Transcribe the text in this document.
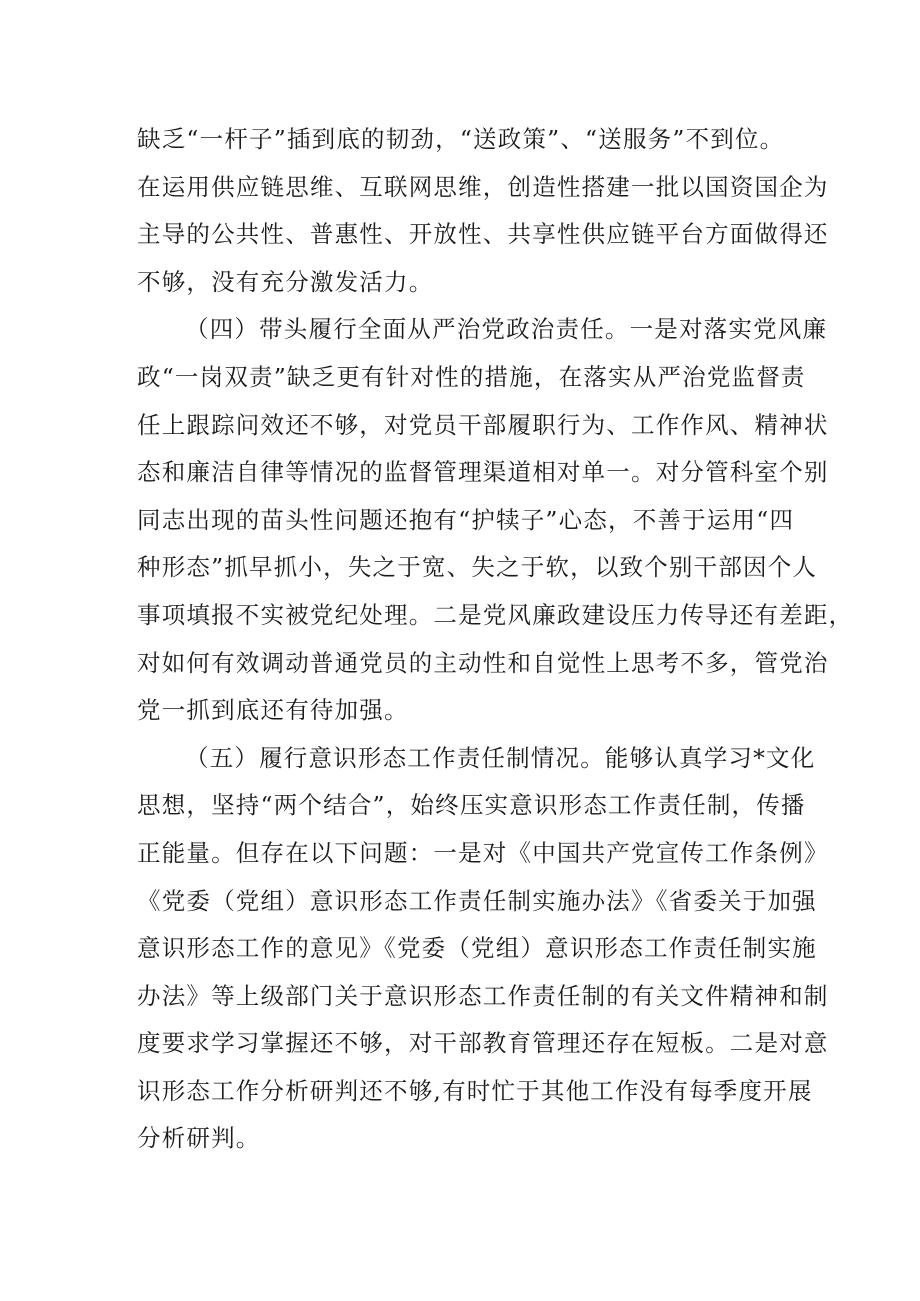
缺乏“一杆子”插到底的韧劲，“送政策”、“送服务”不到位。
在运用供应链思维、互联网思维，创造性搭建一批以国资国企为
主导的公共性、普惠性、开放性、共享性供应链平台方面做得还
不够，没有充分激发活力。
（四）带头履行全面从严治党政治责任。一是对落实党风廉
政“一岗双责”缺乏更有针对性的措施，在落实从严治党监督责
任上跟踪问效还不够，对党员干部履职行为、工作作风、精神状
态和廉洁自律等情况的监督管理渠道相对单一。对分管科室个别
同志出现的苗头性问题还抱有“护犊子”心态，不善于运用“四
种形态”抓早抓小，失之于宽、失之于软，以致个别干部因个人
事项填报不实被党纪处理。二是党风廉政建设压力传导还有差距，
对如何有效调动普通党员的主动性和自觉性上思考不多，管党治
党一抓到底还有待加强。
（五）履行意识形态工作责任制情况。能够认真学习*文化
思想，坚持“两个结合”，始终压实意识形态工作责任制，传播
正能量。但存在以下问题：一是对《中国共产党宣传工作条例》
《党委（党组）意识形态工作责任制实施办法》《省委关于加强
意识形态工作的意见》《党委（党组）意识形态工作责任制实施
办法》等上级部门关于意识形态工作责任制的有关文件精神和制
度要求学习掌握还不够，对干部教育管理还存在短板。二是对意
识形态工作分析研判还不够,有时忙于其他工作没有每季度开展
分析研判。
